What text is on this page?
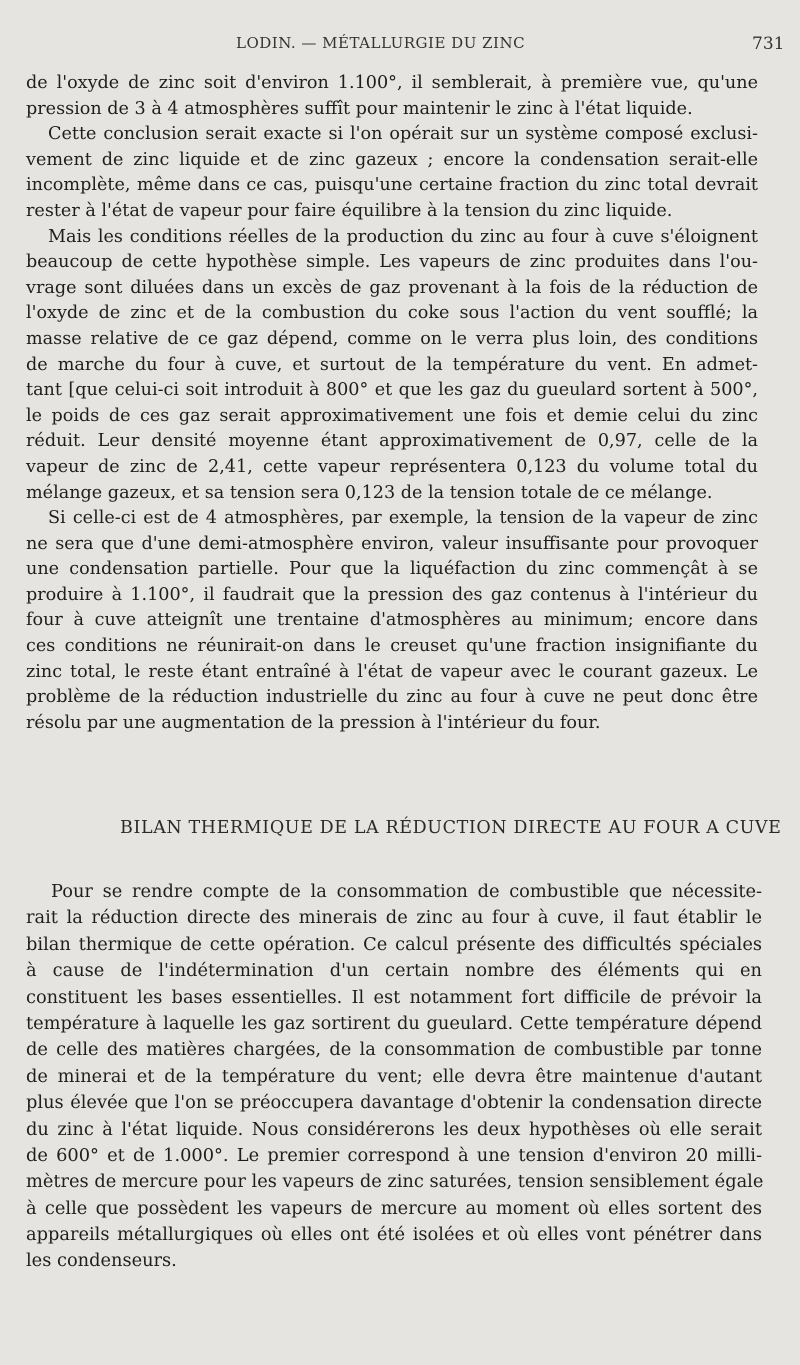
LODIN. — MÉTALLURGIE DU ZINC	731

de l'oxyde de zinc soit d'environ 1.100°, il semblerait, à première vue, qu'une

pression de 3 à 4 atmosphères suffît pour maintenir le zinc à l'état liquide.

Cette conclusion serait exacte si l'on opérait sur un système composé exclusi-

vement de zinc liquide et de zinc gazeux ; encore la condensation serait-elle

incomplète, même dans ce cas, puisqu'une certaine fraction du zinc total devrait

rester à l'état de vapeur pour faire équilibre à la tension du zinc liquide.

Mais les conditions réelles de la production du zinc au four à cuve s'éloignent

beaucoup de cette hypothèse simple. Les vapeurs de zinc produites dans l'ou-

vrage sont diluées dans un excès de gaz provenant à la fois de la réduction de

l'oxyde de zinc et de la combustion du coke sous l'action du vent soufflé; la

masse relative de ce gaz dépend, comme on le verra plus loin, des conditions

de marche du four à cuve, et surtout de la température du vent. En admet-

tant [que celui-ci soit introduit à 800° et que les gaz du gueulard sortent à 500°,

le poids de ces gaz serait approximativement une fois et demie celui du zinc

réduit. Leur densité moyenne étant approximativement de 0,97, celle de la

vapeur de zinc de 2,41, cette vapeur représentera 0,123 du volume total du

mélange gazeux, et sa tension sera 0,123 de la tension totale de ce mélange.

Si celle-ci est de 4 atmosphères, par exemple, la tension de la vapeur de zinc

ne sera que d'une demi-atmosphère environ, valeur insuffisante pour provoquer

une condensation partielle. Pour que la liquéfaction du zinc commençât à se

produire à 1.100°, il faudrait que la pression des gaz contenus à l'intérieur du

four à cuve atteignît une trentaine d'atmosphères au minimum; encore dans

ces conditions ne réunirait-on dans le creuset qu'une fraction insignifiante du

zinc total, le reste étant entraîné à l'état de vapeur avec le courant gazeux. Le

problème de la réduction industrielle du zinc au four à cuve ne peut donc être

résolu par une augmentation de la pression à l'intérieur du four.

BILAN THERMIQUE DE LA RÉDUCTION DIRECTE AU FOUR A CUVE

Pour se rendre compte de la consommation de combustible que nécessite-

rait la réduction directe des minerais de zinc au four à cuve, il faut établir le

bilan thermique de cette opération. Ce calcul présente des difficultés spéciales

à cause de l'indétermination d'un certain nombre des éléments qui en

constituent les bases essentielles. Il est notamment fort difficile de prévoir la

température à laquelle les gaz sortirent du gueulard. Cette température dépend

de celle des matières chargées, de la consommation de combustible par tonne

de minerai et de la température du vent; elle devra être maintenue d'autant

plus élevée que l'on se préoccupera davantage d'obtenir la condensation directe

du zinc à l'état liquide. Nous considérerons les deux hypothèses où elle serait

de 600° et de 1.000°. Le premier correspond à une tension d'environ 20 milli-

mètres de mercure pour les vapeurs de zinc saturées, tension sensiblement égale

à celle que possèdent les vapeurs de mercure au moment où elles sortent des

appareils métallurgiques où elles ont été isolées et où elles vont pénétrer dans

les condenseurs.
